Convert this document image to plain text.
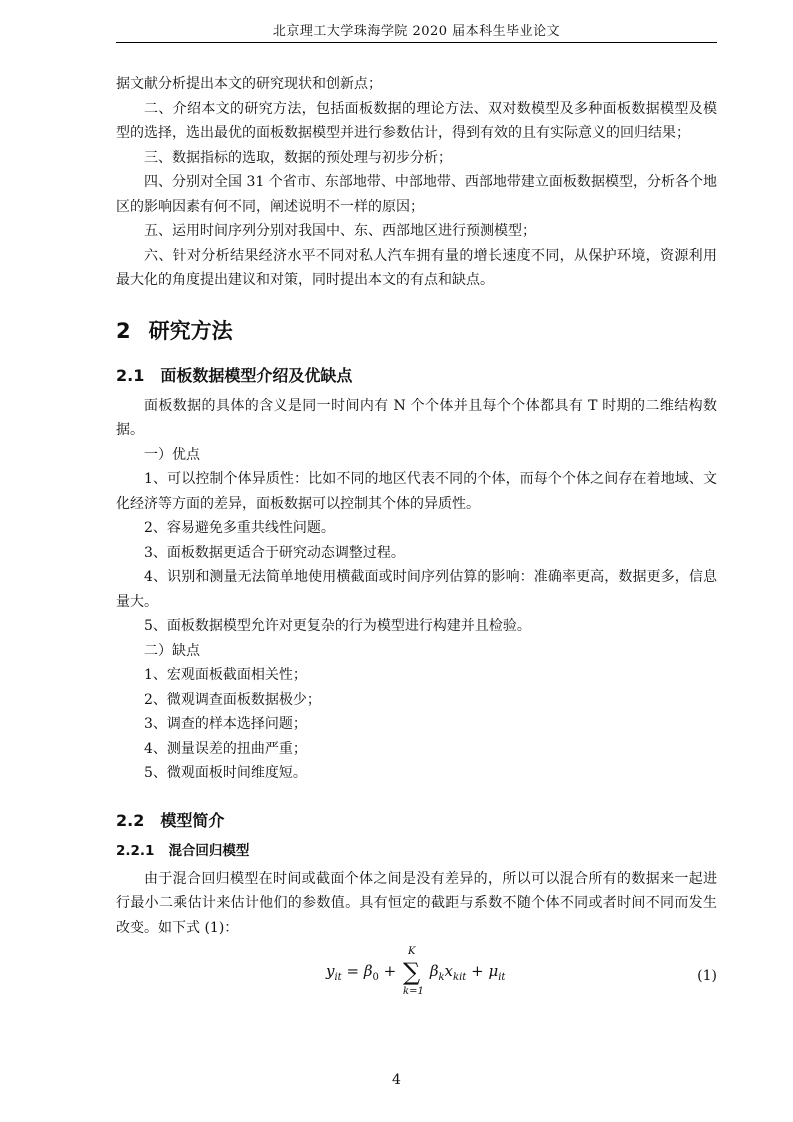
北京理工大学珠海学院 2020 届本科生毕业论文

据文献分析提出本文的研究现状和创新点；

二、介绍本文的研究方法，包括面板数据的理论方法、双对数模型及多种面板数据模型及模型的选择，选出最优的面板数据模型并进行参数估计，得到有效的且有实际意义的回归结果；

三、数据指标的选取，数据的预处理与初步分析；

四、分别对全国 31 个省市、东部地带、中部地带、西部地带建立面板数据模型，分析各个地区的影响因素有何不同，阐述说明不一样的原因；

五、运用时间序列分别对我国中、东、西部地区进行预测模型；

六、针对分析结果经济水平不同对私人汽车拥有量的增长速度不同，从保护环境，资源利用最大化的角度提出建议和对策，同时提出本文的有点和缺点。

2 研究方法
2.1 面板数据模型介绍及优缺点

面板数据的具体的含义是同一时间内有 N 个个体并且每个个体都具有 T 时期的二维结构数据。

一）优点

1、可以控制个体异质性：比如不同的地区代表不同的个体，而每个个体之间存在着地域、文化经济等方面的差异，面板数据可以控制其个体的异质性。

2、容易避免多重共线性问题。

3、面板数据更适合于研究动态调整过程。

4、识别和测量无法简单地使用横截面或时间序列估算的影响：准确率更高，数据更多，信息量大。

5、面板数据模型允许对更复杂的行为模型进行构建并且检验。

二）缺点

1、宏观面板截面相关性；

2、微观调查面板数据极少；

3、调查的样本选择问题；

4、测量误差的扭曲严重；

5、微观面板时间维度短。

2.2 模型简介
2.2.1 混合回归模型

由于混合回归模型在时间或截面个体之间是没有差异的，所以可以混合所有的数据来一起进行最小二乘估计来估计他们的参数值。具有恒定的截距与系数不随个体不同或者时间不同而发生改变。如下式 (1)：

$y_{it} = \beta_0$ +
K
∑
k=1
$\beta_kx_{kit} + \mu_{it}$	(1)
4
